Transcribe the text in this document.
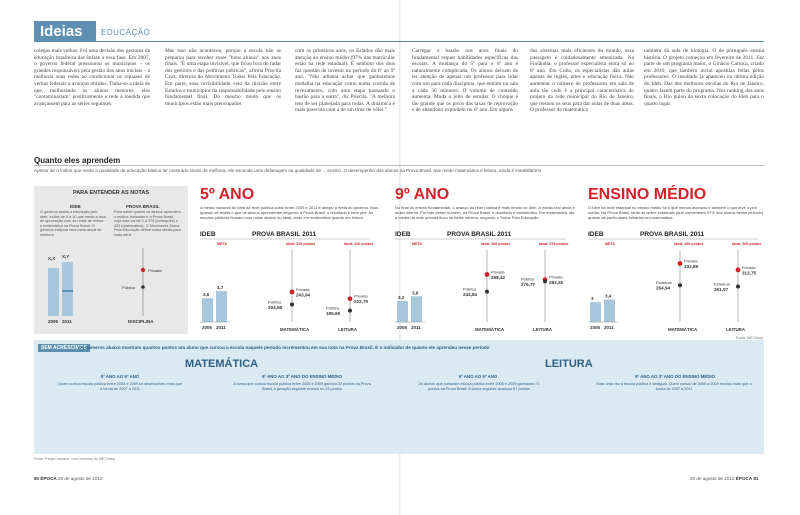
Ideias	EDUCAÇÃO
colegas mais velhos. Foi uma decisão dos gestores da educação brasileira dar ênfase a essa fase. Em 2007, o governo federal pressionou os municípios – os grandes responsáveis pela gestão dos anos iniciais – a melhorar suas redes ao condicionar os repasses de verbas federais a avanços obtidos. Tinha-se a ideia de que, melhorando os alunos menores, eles "contaminariam" positivamente a rede à medida que avançassem para as séries seguintes.
Mas isso não aconteceu, porque a escola não se preparou para receber esses "bons alunos" nos anos finais. "É uma etapa invisível, que ficou fora do radar dos gestores e das políticas públicas", afirma Priscila Cruz, diretora do Movimento Todos Pela Educação. Em parte, essa invisibilidade veio da divisão entre Estados e municípios da responsabilidade pelo ensino fundamental final. Do mesmo modo que os municípios estão mais preocupados
com os primeiros anos, os Estados dão mais atenção ao ensino médio (97% das matrículas estão na rede estadual). É nenhum dos dois faz questão de investir no período do 6º ao 9º ano. "Não adianta achar que ganharemos medalha na educação como numa corrida de revezamento, com uma etapa passando o bastão para a outra", diz Priscila. "A melhora tem de ser planejada para todas. A dinâmica é mais parecida com a de um time de vôlei."
Carregar o bastão nos anos finais do fundamental requer habilidades específicas das escolas. A mudança do 5º para o 6º ano é naturalmente complicada. Os alunos deixam de ter atenção de apenas um professor para lidar com um para cada disciplina, que entram na sala a cada 30 minutos. O volume de conteúdo aumenta. Muda o jeito de estudar. O choque é tão grande que os picos das taxas de reprovação e de abandono explodem no 6º ano. Em alguns
dos sistemas mais eficientes do mundo, essa passagem é cuidadosamente amenizada. Na Finlândia, o professor especialista entra só no 8º ano. Em Cuba, os especialistas dão aulas apenas de inglês, artes e educação física. Não aumentar o número de professores em sala de aula tão cedo é a principal característica do projeto da rede municipal do Rio de Janeiro, que treinou os seus para dar aulas de duas áreas. O professor de matemática
também dá aula de biologia. O de português ensina história. O projeto começou em fevereiro de 2011. Faz parte de um programa maior, o Ginásio Carioca, criado em 2010, que também inclui apostilas feitas pelos professores. O resultado já apareceu na última edição do Ideb. Das dez melhores escolas do Rio de Janeiro, quatro fazem parte do programa. Nos ranking dos anos finais, o Rio pulou da sexta colocação do Ideb para o quarto lugar.
Quanto eles aprendem
Apesar de o índice que mede a qualidade da educação básica ter mostrado sinais de melhora, ele esconde uma defasagem na qualidade de ... ensino. O desempenho dos alunos na Prova Brasil, que mede matemática e leitura, ainda é insatisfatório
PARA ENTENDER AS NOTAS
IDEB
O governo avalia a educação pelo Ideb, índice de 0 a 10 que mede a taxa de aprovação com as notas de leitura e matemática na Prova Brasil. O governo estipula uma meta anual de melhora
PROVA BRASIL
Para saber quanto os alunos aprendem, o melhor indicador é a Prova Brasil, cuja nota vai de 0 a 375 (português) e 425 (matemática). O Movimento Todos Pela Educação define notas ideais para cada série
X,X X,Y
2005 2011	DISCIPLINA
Privada
Pública
IDEB	PROVA BRASIL 2011
3,6
2005
4,7
2011
META	Ideal: 225 pontos
Privada
243,94
Pública
204,58
MATEMÁTICA
Ideal: 200 pontos
Privada
222,70
Pública
185,69
LEITURA
IDEB	PROVA BRASIL 2011
3,2
2005
3,9
2011
META	Ideal: 300 pontos
Privada
298,42
Pública
244,84
MATEMÁTICA
Ideal: 275 pontos
Privada
282,25
Pública
276,77
LEITURA
IDEB	PROVA BRASIL 2011
3
2005
3,4
2011
META	Ideal: 350 pontos
Privada
332,89
Estadual
264,94
MATEMÁTICA
Ideal: 300 pontos
Privada
312,75
Estadual
261,07
LEITURA
5º ANO
A média nacional do Ideb da rede pública subiu entre 2005 e 2011 e atingiu a meta do governo. Mas, quando se avalia o que os alunos aprenderam segundo a Prova Brasil, o resultado é bem pior. As escolas públicas ficaram com notas abaixo do ideal, tanto em matemática quanto em leitura
9º ANO
No final do ensino fundamental, o avanço da rede pública é mais tímido no Ideb. A média real ainda é muito inferior. Por trás desse número, na Prova Brasil, o resultado é catastrófico. Em matemática, até a média da rede privada ficou no limite mínimo, segundo o Todos Pela Educação
ENSINO MÉDIO
O Ideb da rede estadual no ensino médio foi o que menos avançou e também o que teve o pior média. Na Prova Brasil, tanto as redes estaduais (que concentram 97% dos alunos desse período) quanto as particulares falharam em matemática
SEM ACRÉSCIMOS
Os números abaixo mostram quantos pontos um aluno que cursou a escola naquele período incrementou em sua nota na Prova Brasil. É o indicador de quanto ele aprendeu nesse período
MATEMÁTICA	LEITURA
5º ANO AO 9º ANO
Quem cursou escola pública entre 2005 e 2009 se desenvolveu mais que a turma de 2007 a 2011
9º ANO AO 3º ANO DO ENSINO MÉDIO
A turma que cursou escola pública entre 2005 e 2009 ganhou 32 pontos na Prova Brasil. A geração seguinte evoluiu só 23 pontos
5º ANO AO 9º ANO
Os alunos que cursaram escola pública entre 2005 e 2009 ganharam 71 pontos na Prova Brasil. A turma seguinte avançou 67 pontos
9º ANO AO 3º ANO DO ENSINO MÉDIO
Mais uma vez a escola pública é desigual. Quem cursou de 2005 a 2009 evoluiu mais que a turma de 2007 a 2011
Fonte: Paula Louzano, com números do MEC/Inep
Fonte: MEC/Inep
80 ÉPOCA 20 de agosto de 2012	20 de agosto de 2012 ÉPOCA 81
